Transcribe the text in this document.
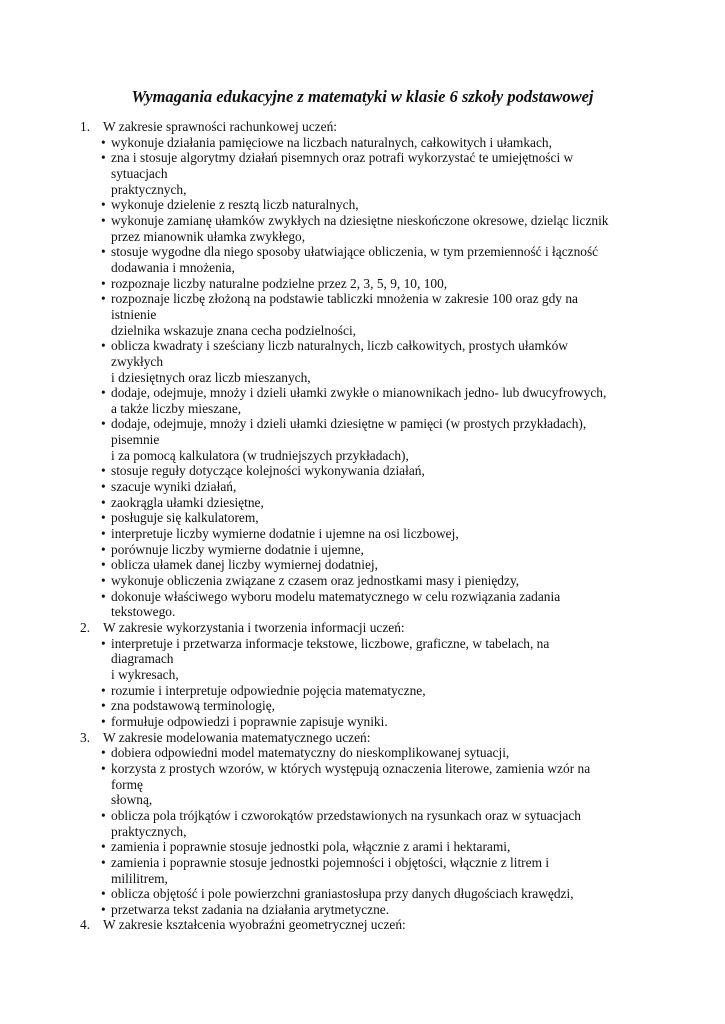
Wymagania edukacyjne z matematyki w klasie 6 szkoły podstawowej
1. W zakresie sprawności rachunkowej uczeń:
• wykonuje działania pamięciowe na liczbach naturalnych, całkowitych i ułamkach,
• zna i stosuje algorytmy działań pisemnych oraz potrafi wykorzystać te umiejętności w
sytuacjach
praktycznych,
• wykonuje dzielenie z resztą liczb naturalnych,
• wykonuje zamianę ułamków zwykłych na dziesiętne nieskończone okresowe, dzieląc licznik
przez mianownik ułamka zwykłego,
• stosuje wygodne dla niego sposoby ułatwiające obliczenia, w tym przemienność i łączność
dodawania i mnożenia,
• rozpoznaje liczby naturalne podzielne przez 2, 3, 5, 9, 10, 100,
• rozpoznaje liczbę złożoną na podstawie tabliczki mnożenia w zakresie 100 oraz gdy na
istnienie
dzielnika wskazuje znana cecha podzielności,
• oblicza kwadraty i sześciany liczb naturalnych, liczb całkowitych, prostych ułamków
zwykłych
i dziesiętnych oraz liczb mieszanych,
• dodaje, odejmuje, mnoży i dzieli ułamki zwykłe o mianownikach jedno- lub dwucyfrowych,
a także liczby mieszane,
• dodaje, odejmuje, mnoży i dzieli ułamki dziesiętne w pamięci (w prostych przykładach),
pisemnie
i za pomocą kalkulatora (w trudniejszych przykładach),
• stosuje reguły dotyczące kolejności wykonywania działań,
• szacuje wyniki działań,
• zaokrągla ułamki dziesiętne,
• posługuje się kalkulatorem,
• interpretuje liczby wymierne dodatnie i ujemne na osi liczbowej,
• porównuje liczby wymierne dodatnie i ujemne,
• oblicza ułamek danej liczby wymiernej dodatniej,
• wykonuje obliczenia związane z czasem oraz jednostkami masy i pieniędzy,
• dokonuje właściwego wyboru modelu matematycznego w celu rozwiązania zadania
tekstowego.
2. W zakresie wykorzystania i tworzenia informacji uczeń:
• interpretuje i przetwarza informacje tekstowe, liczbowe, graficzne, w tabelach, na
diagramach
i wykresach,
• rozumie i interpretuje odpowiednie pojęcia matematyczne,
• zna podstawową terminologię,
• formułuje odpowiedzi i poprawnie zapisuje wyniki.
3. W zakresie modelowania matematycznego uczeń:
• dobiera odpowiedni model matematyczny do nieskomplikowanej sytuacji,
• korzysta z prostych wzorów, w których występują oznaczenia literowe, zamienia wzór na
formę
słowną,
• oblicza pola trójkątów i czworokątów przedstawionych na rysunkach oraz w sytuacjach
praktycznych,
• zamienia i poprawnie stosuje jednostki pola, włącznie z arami i hektarami,
• zamienia i poprawnie stosuje jednostki pojemności i objętości, włącznie z litrem i
mililitrem,
• oblicza objętość i pole powierzchni graniastosłupa przy danych długościach krawędzi,
• przetwarza tekst zadania na działania arytmetyczne.
4. W zakresie kształcenia wyobraźni geometrycznej uczeń:
